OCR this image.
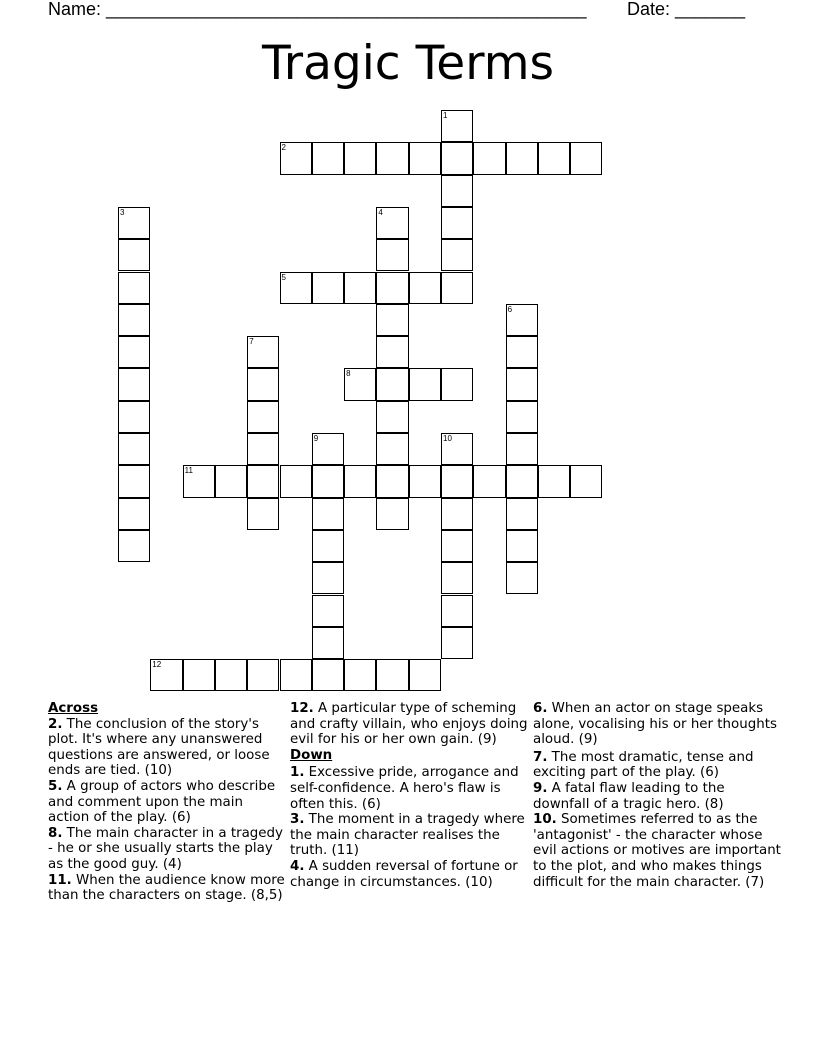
Name: ________________________________________________ Date: _______
Tragic Terms
1
2
3	4
5
6
7
8
9	10
11
12
Across
2. The conclusion of the story's plot. It's where any unanswered questions are answered, or loose ends are tied. (10)
5. A group of actors who describe and comment upon the main action of the play. (6)
8. The main character in a tragedy - he or she usually starts the play as the good guy. (4)
11. When the audience know more than the characters on stage. (8,5)
12. A particular type of scheming and crafty villain, who enjoys doing evil for his or her own gain. (9)
Down
1. Excessive pride, arrogance and self-confidence. A hero's flaw is often this. (6)
3. The moment in a tragedy where the main character realises the truth. (11)
4. A sudden reversal of fortune or change in circumstances. (10)
6. When an actor on stage speaks alone, vocalising his or her thoughts aloud. (9)
7. The most dramatic, tense and exciting part of the play. (6)
9. A fatal flaw leading to the downfall of a tragic hero. (8)
10. Sometimes referred to as the 'antagonist' - the character whose evil actions or motives are important to the plot, and who makes things difficult for the main character. (7)
